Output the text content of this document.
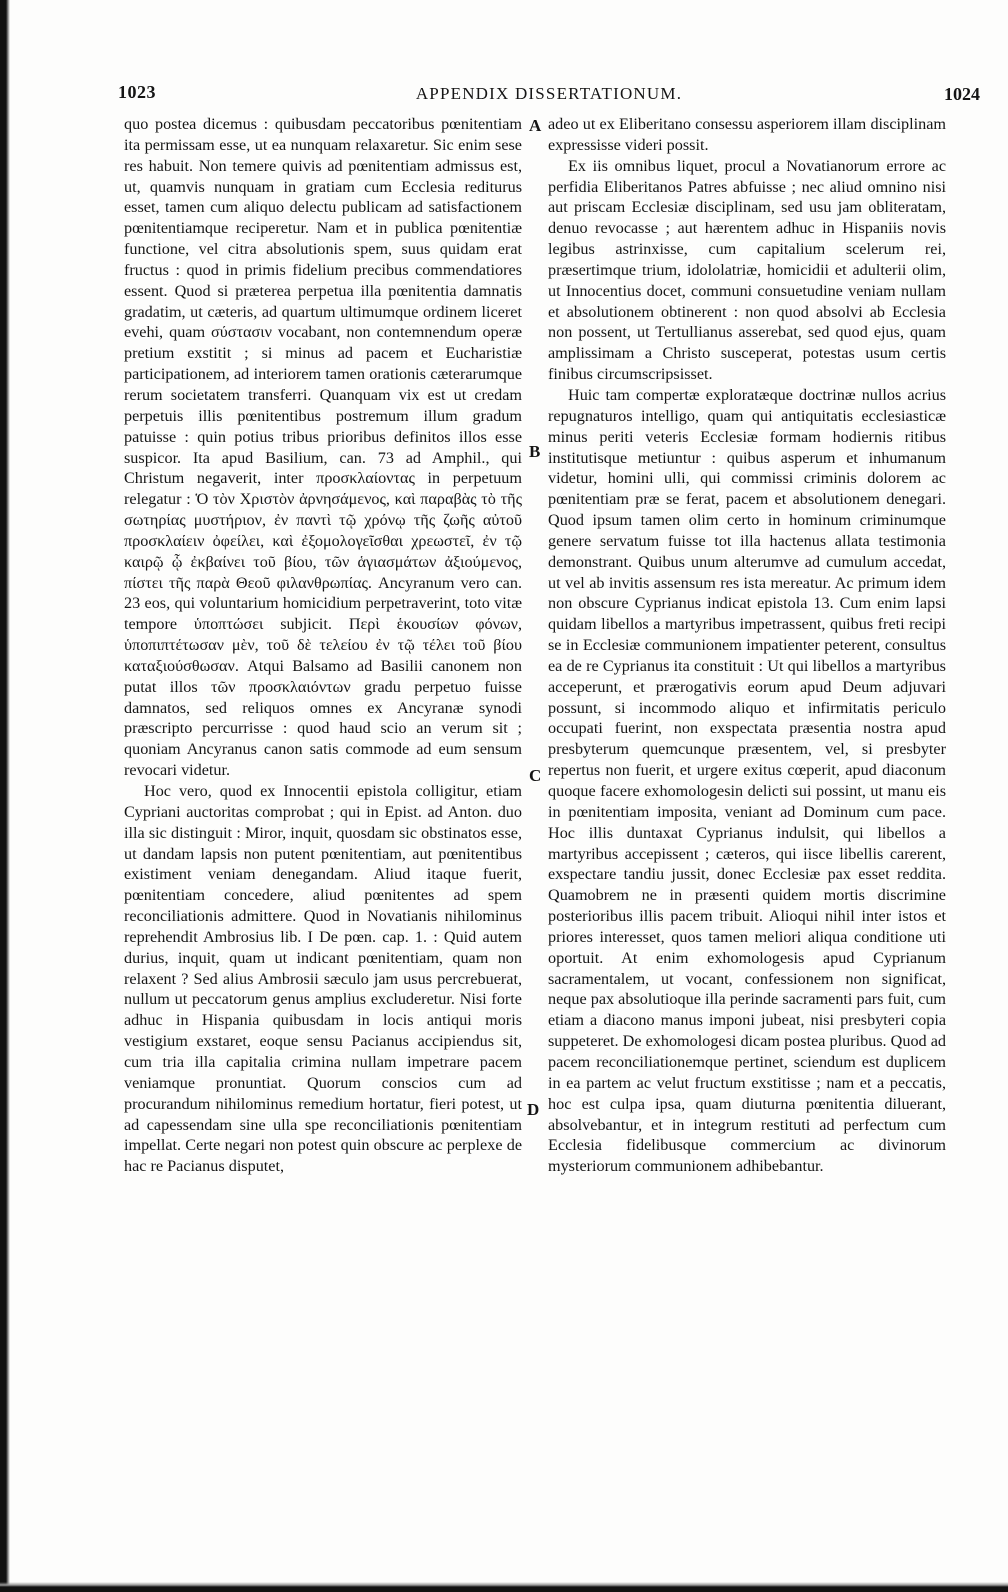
1023	APPENDIX DISSERTATIONUM.	1024

quo postea dicemus : quibusdam peccatoribus pœnitentiam ita permissam esse, ut ea nunquam relaxaretur. Sic enim sese res habuit. Non temere quivis ad pœnitentiam admissus est, ut, quamvis nunquam in gratiam cum Ecclesia rediturus esset, tamen cum aliquo delectu publicam ad satisfactionem pœnitentiamque reciperetur. Nam et in publica pœnitentiæ functione, vel citra absolutionis spem, suus quidam erat fructus : quod in primis fidelium precibus commendatiores essent. Quod si præterea perpetua illa pœnitentia damnatis gradatim, ut cæteris, ad quartum ultimumque ordinem liceret evehi, quam σύστασιν vocabant, non contemnendum operæ pretium exstitit ; si minus ad pacem et Eucharistiæ participationem, ad interiorem tamen orationis cæterarumque rerum societatem transferri. Quanquam vix est ut credam perpetuis illis pœnitentibus postremum illum gradum patuisse : quin potius tribus prioribus definitos illos esse suspicor. Ita apud Basilium, can. 73 ad Amphil., qui Christum negaverit, inter προσκλαίοντας in perpetuum relegatur : Ὁ τὸν Χριστὸν ἀρνησάμενος, καὶ παραβὰς τὸ τῆς σωτηρίας μυστήριον, ἐν παντὶ τῷ χρόνῳ τῆς ζωῆς αὐτοῦ προσκλαίειν ὀφείλει, καὶ ἐξομολογεῖσθαι χρεωστεῖ, ἐν τῷ καιρῷ ᾧ ἐκβαίνει τοῦ βίου, τῶν ἁγιασμάτων ἀξιούμενος, πίστει τῆς παρὰ Θεοῦ φιλανθρωπίας. Ancyranum vero can. 23 eos, qui voluntarium homicidium perpetraverint, toto vitæ tempore ὑποπτώσει subjicit. Περὶ ἑκουσίων φόνων, ὑποπιπτέτωσαν μὲν, τοῦ δὲ τελείου ἐν τῷ τέλει τοῦ βίου καταξιούσθωσαν. Atqui Balsamo ad Basilii canonem non putat illos τῶν προσκλαιόντων gradu perpetuo fuisse damnatos, sed reliquos omnes ex Ancyranæ synodi præscripto percurrisse : quod haud scio an verum sit ; quoniam Ancyranus canon satis commode ad eum sensum revocari videtur.

Hoc vero, quod ex Innocentii epistola colligitur, etiam Cypriani auctoritas comprobat ; qui in Epist. ad Anton. duo illa sic distinguit : Miror, inquit, quosdam sic obstinatos esse, ut dandam lapsis non putent pœnitentiam, aut pœnitentibus existiment veniam denegandam. Aliud itaque fuerit, pœnitentiam concedere, aliud pœnitentes ad spem reconciliationis admittere. Quod in Novatianis nihilominus reprehendit Ambrosius lib. I De pœn. cap. 1. : Quid autem durius, inquit, quam ut indicant pœnitentiam, quam non relaxent ? Sed alius Ambrosii sæculo jam usus percrebuerat, nullum ut peccatorum genus amplius excluderetur. Nisi forte adhuc in Hispania quibusdam in locis antiqui moris vestigium exstaret, eoque sensu Pacianus accipiendus sit, cum tria illa capitalia crimina nullam impetrare pacem veniamque pronuntiat. Quorum conscios cum ad procurandum nihilominus remedium hortatur, fieri potest, ut ad capessendam sine ulla spe reconciliationis pœnitentiam impellat. Certe negari non potest quin obscure ac perplexe de hac re Pacianus disputet,

adeo ut ex Eliberitano consessu asperiorem illam disciplinam expressisse videri possit.

Ex iis omnibus liquet, procul a Novatianorum errore ac perfidia Eliberitanos Patres abfuisse ; nec aliud omnino nisi aut priscam Ecclesiæ disciplinam, sed usu jam obliteratam, denuo revocasse ; aut hærentem adhuc in Hispaniis novis legibus astrinxisse, cum capitalium scelerum rei, præsertimque trium, idololatriæ, homicidii et adulterii olim, ut Innocentius docet, communi consuetudine veniam nullam et absolutionem obtinerent : non quod absolvi ab Ecclesia non possent, ut Tertullianus asserebat, sed quod ejus, quam amplissimam a Christo susceperat, potestas usum certis finibus circumscripsisset.

Huic tam compertæ exploratæque doctrinæ nullos acrius repugnaturos intelligo, quam qui antiquitatis ecclesiasticæ minus periti veteris Ecclesiæ formam hodiernis ritibus institutisque metiuntur : quibus asperum et inhumanum videtur, homini ulli, qui commissi criminis dolorem ac pœnitentiam præ se ferat, pacem et absolutionem denegari. Quod ipsum tamen olim certo in hominum criminumque genere servatum fuisse tot illa hactenus allata testimonia demonstrant. Quibus unum alterumve ad cumulum accedat, ut vel ab invitis assensum res ista mereatur. Ac primum idem non obscure Cyprianus indicat epistola 13. Cum enim lapsi quidam libellos a martyribus impetrassent, quibus freti recipi se in Ecclesiæ communionem impatienter peterent, consultus ea de re Cyprianus ita constituit : Ut qui libellos a martyribus acceperunt, et prærogativis eorum apud Deum adjuvari possunt, si incommodo aliquo et infirmitatis periculo occupati fuerint, non exspectata præsentia nostra apud presbyterum quemcunque præsentem, vel, si presbyter repertus non fuerit, et urgere exitus cœperit, apud diaconum quoque facere exhomologesin delicti sui possint, ut manu eis in pœnitentiam imposita, veniant ad Dominum cum pace. Hoc illis duntaxat Cyprianus indulsit, qui libellos a martyribus accepissent ; cæteros, qui iisce libellis carerent, exspectare tandiu jussit, donec Ecclesiæ pax esset reddita. Quamobrem ne in præsenti quidem mortis discrimine posterioribus illis pacem tribuit. Alioqui nihil inter istos et priores interesset, quos tamen meliori aliqua conditione uti oportuit. At enim exhomologesis apud Cyprianum sacramentalem, ut vocant, confessionem non significat, neque pax absolutioque illa perinde sacramenti pars fuit, cum etiam a diacono manus imponi jubeat, nisi presbyteri copia suppeteret. De exhomologesi dicam postea pluribus. Quod ad pacem reconciliationemque pertinet, sciendum est duplicem in ea partem ac velut fructum exstitisse ; nam et a peccatis, hoc est culpa ipsa, quam diuturna pœnitentia diluerant, absolvebantur, et in integrum restituti ad perfectum cum Ecclesia fidelibusque commercium ac divinorum mysteriorum communionem adhibebantur.

A
B
C
D
